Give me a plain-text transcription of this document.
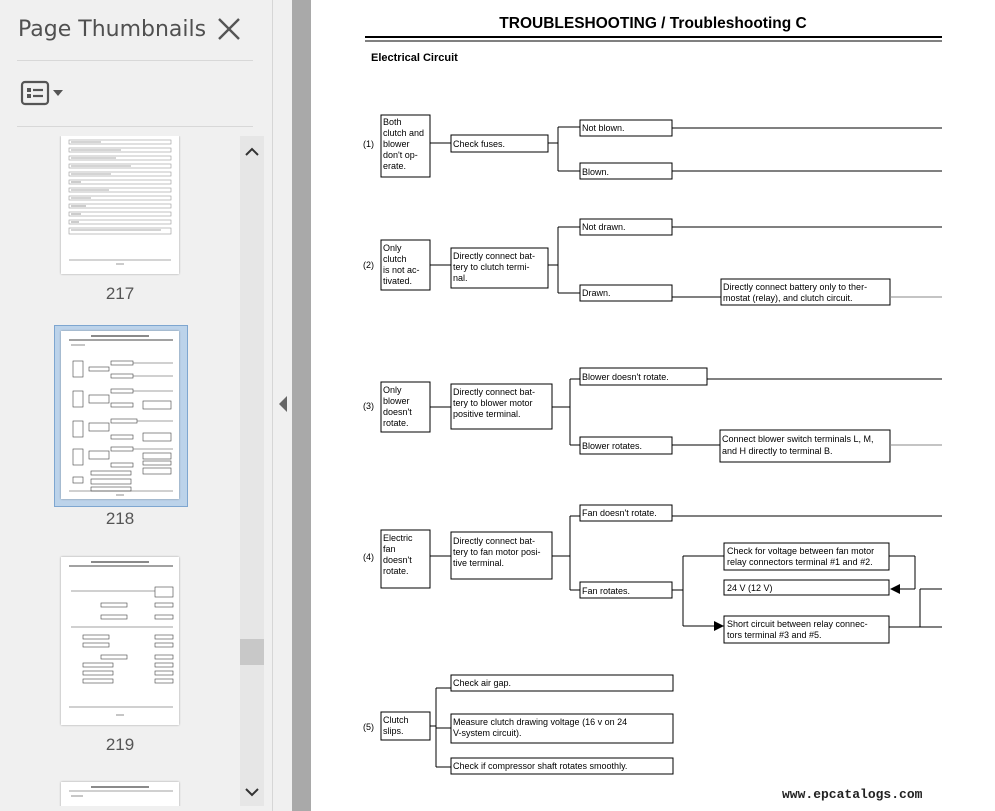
Page Thumbnails
217
218
219
TROUBLESHOOTING / Troubleshooting C
Electrical Circuit
(1)
(2)
(3)
(4)
(5)
Both clutch and blower don't op- erate.
Check fuses.
Not blown.
Blown.
Only clutch is not ac- tivated.
Directly connect bat- tery to clutch termi- nal.
Not drawn.
Drawn.
Directly connect battery only to ther- mostat (relay), and clutch circuit.
Only blower doesn't rotate.
Directly connect bat- tery to blower motor positive terminal.
Blower doesn't rotate.
Blower rotates.
Connect blower switch terminals L, M, and H directly to terminal B.
Electric fan doesn't rotate.
Directly connect bat- tery to fan motor posi- tive terminal.
Fan doesn't rotate.
Fan rotates.
Check for voltage between fan motor relay connectors terminal #1 and #2.
24 V (12 V)
Short circuit between relay connec- tors terminal #3 and #5.
Clutch slips.
Check air gap.
Measure clutch drawing voltage (16 v on 24 V-system circuit).
Check if compressor shaft rotates smoothly.
www.epcatalogs.com
